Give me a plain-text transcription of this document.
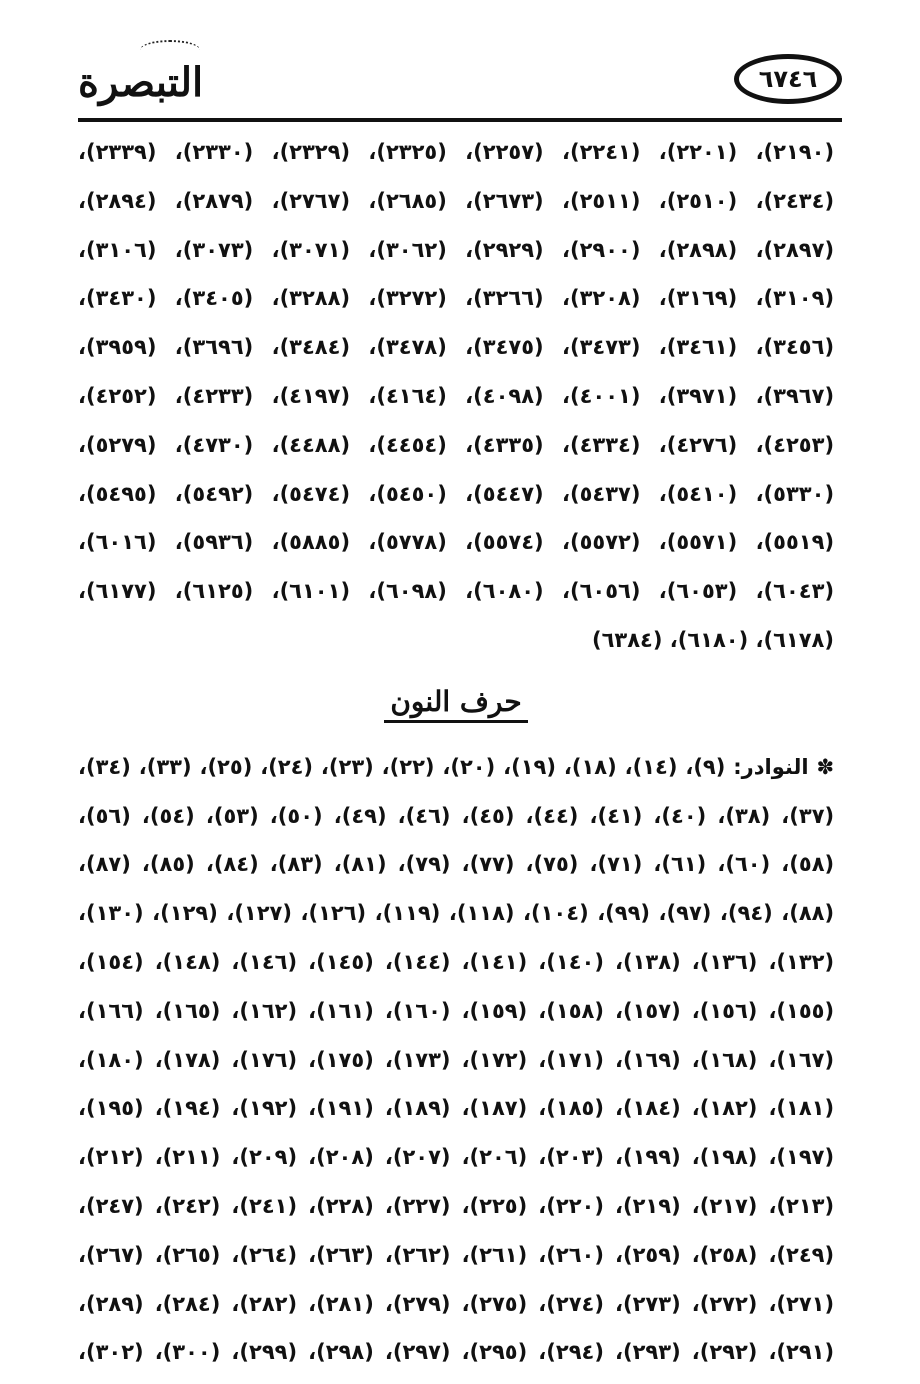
التبصرة	٦٧٤٦
(٢١٩٠)، (٢٢٠١)، (٢٢٤١)، (٢٢٥٧)، (٢٣٢٥)، (٢٣٢٩)، (٢٣٣٠)، (٢٣٣٩)،
(٢٤٣٤)، (٢٥١٠)، (٢٥١١)، (٢٦٧٣)، (٢٦٨٥)، (٢٧٦٧)، (٢٨٧٩)، (٢٨٩٤)،
(٢٨٩٧)، (٢٨٩٨)، (٢٩٠٠)، (٢٩٢٩)، (٣٠٦٢)، (٣٠٧١)، (٣٠٧٣)، (٣١٠٦)،
(٣١٠٩)، (٣١٦٩)، (٣٢٠٨)، (٣٢٦٦)، (٣٢٧٢)، (٣٢٨٨)، (٣٤٠٥)، (٣٤٣٠)،
(٣٤٥٦)، (٣٤٦١)، (٣٤٧٣)، (٣٤٧٥)، (٣٤٧٨)، (٣٤٨٤)، (٣٦٩٦)، (٣٩٥٩)،
(٣٩٦٧)، (٣٩٧١)، (٤٠٠١)، (٤٠٩٨)، (٤١٦٤)، (٤١٩٧)، (٤٢٣٣)، (٤٢٥٢)،
(٤٢٥٣)، (٤٢٧٦)، (٤٣٣٤)، (٤٣٣٥)، (٤٤٥٤)، (٤٤٨٨)، (٤٧٣٠)، (٥٢٧٩)،
(٥٣٣٠)، (٥٤١٠)، (٥٤٣٧)، (٥٤٤٧)، (٥٤٥٠)، (٥٤٧٤)، (٥٤٩٢)، (٥٤٩٥)،
(٥٥١٩)، (٥٥٧١)، (٥٥٧٢)، (٥٥٧٤)، (٥٧٧٨)، (٥٨٨٥)، (٥٩٣٦)، (٦٠١٦)،
(٦٠٤٣)، (٦٠٥٣)، (٦٠٥٦)، (٦٠٨٠)، (٦٠٩٨)، (٦١٠١)، (٦١٢٥)، (٦١٧٧)،
(٦١٧٨)، (٦١٨٠)، (٦٣٨٤)
حرف النون
✽ النوادر: (٩)، (١٤)، (١٨)، (١٩)، (٢٠)، (٢٢)، (٢٣)، (٢٤)، (٢٥)، (٣٣)، (٣٤)،
(٣٧)، (٣٨)، (٤٠)، (٤١)، (٤٤)، (٤٥)، (٤٦)، (٤٩)، (٥٠)، (٥٣)، (٥٤)، (٥٦)،
(٥٨)، (٦٠)، (٦١)، (٧١)، (٧٥)، (٧٧)، (٧٩)، (٨١)، (٨٣)، (٨٤)، (٨٥)، (٨٧)،
(٨٨)، (٩٤)، (٩٧)، (٩٩)، (١٠٤)، (١١٨)، (١١٩)، (١٢٦)، (١٢٧)، (١٢٩)، (١٣٠)،
(١٣٢)، (١٣٦)، (١٣٨)، (١٤٠)، (١٤١)، (١٤٤)، (١٤٥)، (١٤٦)، (١٤٨)، (١٥٤)،
(١٥٥)، (١٥٦)، (١٥٧)، (١٥٨)، (١٥٩)، (١٦٠)، (١٦١)، (١٦٢)، (١٦٥)، (١٦٦)،
(١٦٧)، (١٦٨)، (١٦٩)، (١٧١)، (١٧٢)، (١٧٣)، (١٧٥)، (١٧٦)، (١٧٨)، (١٨٠)،
(١٨١)، (١٨٢)، (١٨٤)، (١٨٥)، (١٨٧)، (١٨٩)، (١٩١)، (١٩٢)، (١٩٤)، (١٩٥)،
(١٩٧)، (١٩٨)، (١٩٩)، (٢٠٣)، (٢٠٦)، (٢٠٧)، (٢٠٨)، (٢٠٩)، (٢١١)، (٢١٢)،
(٢١٣)، (٢١٧)، (٢١٩)، (٢٢٠)، (٢٢٥)، (٢٢٧)، (٢٢٨)، (٢٤١)، (٢٤٢)، (٢٤٧)،
(٢٤٩)، (٢٥٨)، (٢٥٩)، (٢٦٠)، (٢٦١)، (٢٦٢)، (٢٦٣)، (٢٦٤)، (٢٦٥)، (٢٦٧)،
(٢٧١)، (٢٧٢)، (٢٧٣)، (٢٧٤)، (٢٧٥)، (٢٧٩)، (٢٨١)، (٢٨٢)، (٢٨٤)، (٢٨٩)،
(٢٩١)، (٢٩٢)، (٢٩٣)، (٢٩٤)، (٢٩٥)، (٢٩٧)، (٢٩٨)، (٢٩٩)، (٣٠٠)، (٣٠٢)،
